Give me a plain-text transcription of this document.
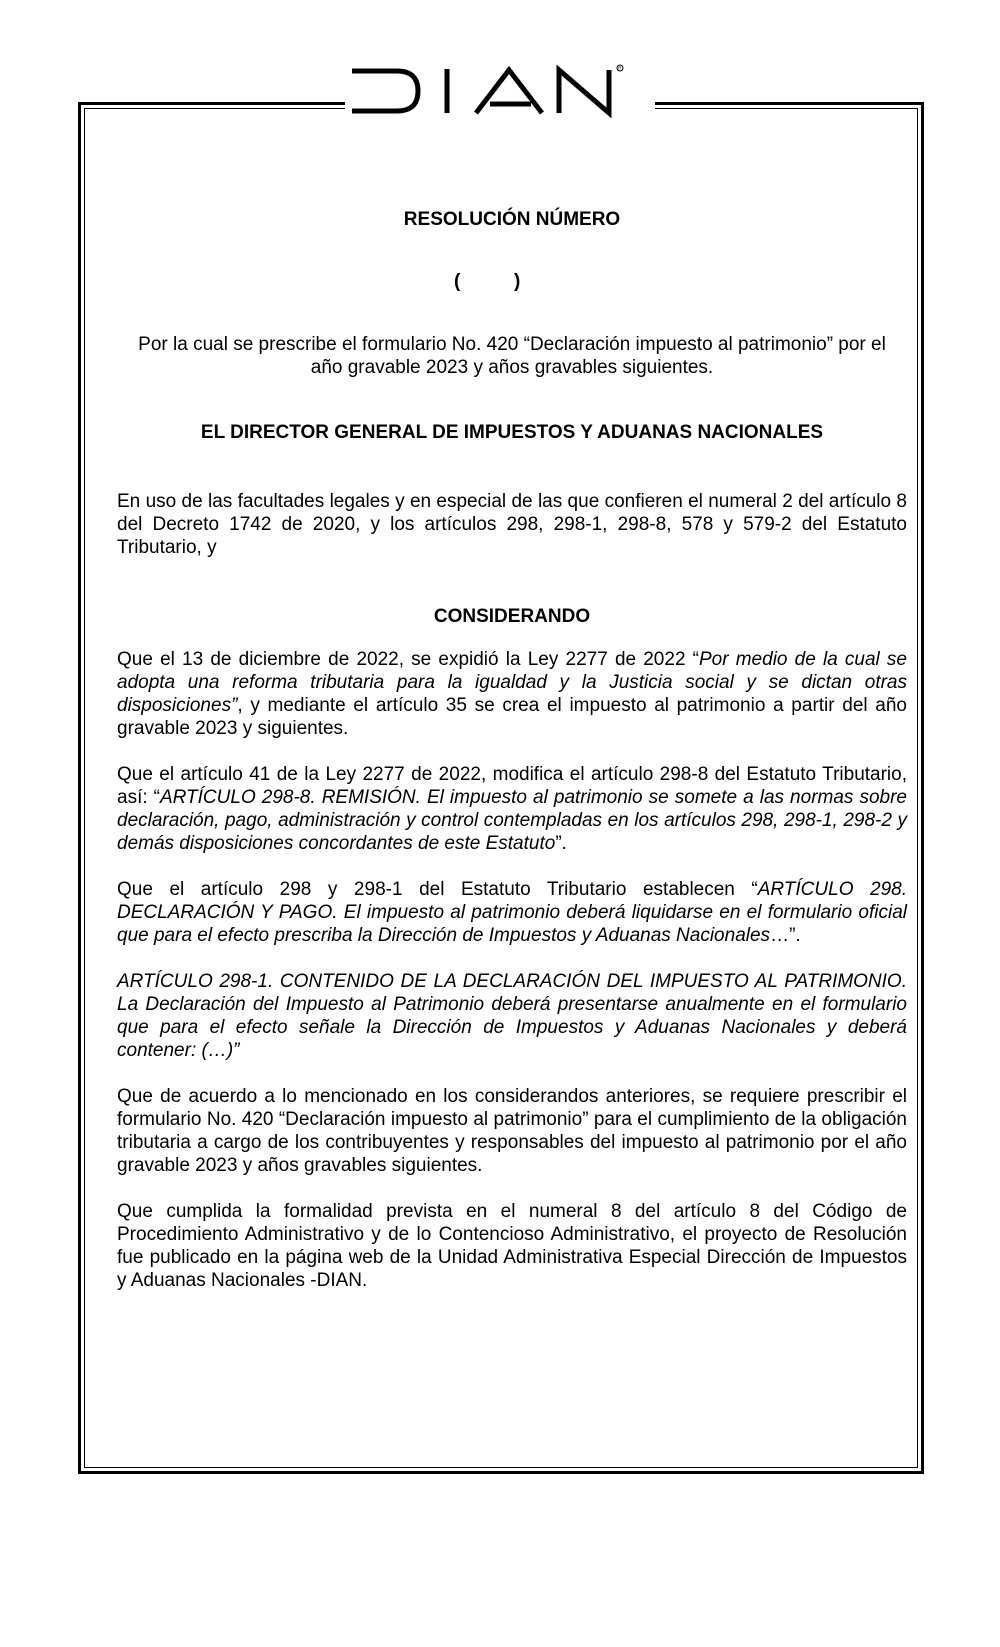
R
RESOLUCIÓN NÚMERO
(	)
Por la cual se prescribe el formulario No. 420 “Declaración impuesto al patrimonio” por el año gravable 2023 y años gravables siguientes.
EL DIRECTOR GENERAL DE IMPUESTOS Y ADUANAS NACIONALES
En uso de las facultades legales y en especial de las que confieren el numeral 2 del artículo 8 del Decreto 1742 de 2020, y los artículos 298, 298-1, 298-8, 578 y 579-2 del Estatuto Tributario, y
CONSIDERANDO

Que el 13 de diciembre de 2022, se expidió la Ley 2277 de 2022 “Por medio de la cual se adopta una reforma tributaria para la igualdad y la Justicia social y se dictan otras disposiciones”, y mediante el artículo 35 se crea el impuesto al patrimonio a partir del año gravable 2023 y siguientes.

Que el artículo 41 de la Ley 2277 de 2022, modifica el artículo 298-8 del Estatuto Tributario, así: “ARTÍCULO 298-8. REMISIÓN. El impuesto al patrimonio se somete a las normas sobre declaración, pago, administración y control contempladas en los artículos 298, 298-1, 298-2 y demás disposiciones concordantes de este Estatuto”.

Que el artículo 298 y 298-1 del Estatuto Tributario establecen “ARTÍCULO 298. DECLARACIÓN Y PAGO. El impuesto al patrimonio deberá liquidarse en el formulario oficial que para el efecto prescriba la Dirección de Impuestos y Aduanas Nacionales…”.

ARTÍCULO 298-1. CONTENIDO DE LA DECLARACIÓN DEL IMPUESTO AL PATRIMONIO. La Declaración del Impuesto al Patrimonio deberá presentarse anualmente en el formulario que para el efecto señale la Dirección de Impuestos y Aduanas Nacionales y deberá contener: (…)”

Que de acuerdo a lo mencionado en los considerandos anteriores, se requiere prescribir el formulario No. 420 “Declaración impuesto al patrimonio” para el cumplimiento de la obligación tributaria a cargo de los contribuyentes y responsables del impuesto al patrimonio por el año gravable 2023 y años gravables siguientes.

Que cumplida la formalidad prevista en el numeral 8 del artículo 8 del Código de Procedimiento Administrativo y de lo Contencioso Administrativo, el proyecto de Resolución fue publicado en la página web de la Unidad Administrativa Especial Dirección de Impuestos y Aduanas Nacionales -DIAN.
